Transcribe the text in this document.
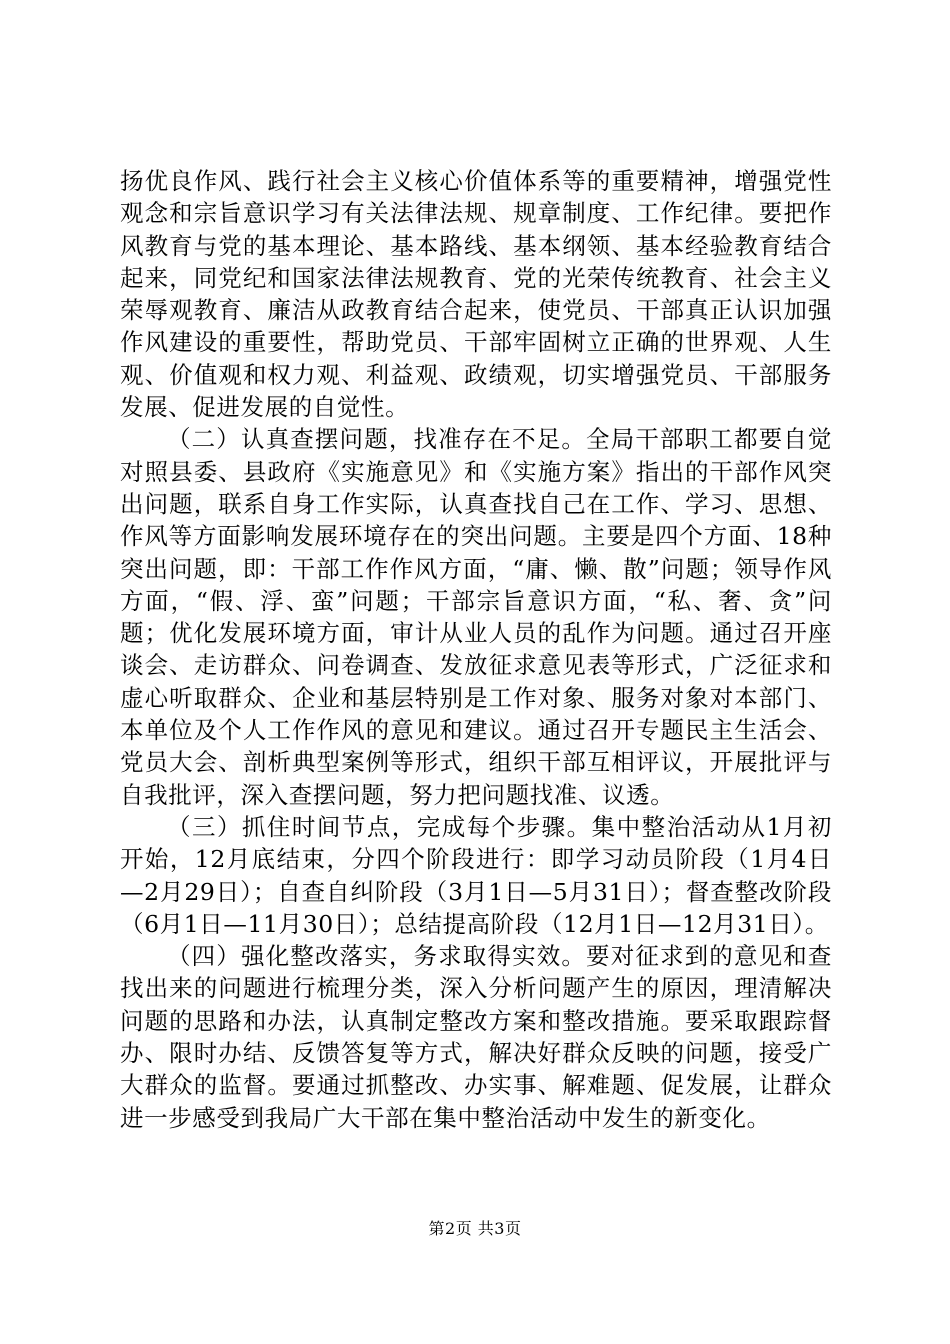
扬优良作风、践行社会主义核心价值体系等的重要精神，增强党性观念和宗旨意识学习有关法律法规、规章制度、工作纪律。要把作风教育与党的基本理论、基本路线、基本纲领、基本经验教育结合起来，同党纪和国家法律法规教育、党的光荣传统教育、社会主义荣辱观教育、廉洁从政教育结合起来，使党员、干部真正认识加强作风建设的重要性，帮助党员、干部牢固树立正确的世界观、人生观、价值观和权力观、利益观、政绩观，切实增强党员、干部服务发展、促进发展的自觉性。

（二）认真查摆问题，找准存在不足。全局干部职工都要自觉对照县委、县政府《实施意见》和《实施方案》指出的干部作风突出问题，联系自身工作实际，认真查找自己在工作、学习、思想、作风等方面影响发展环境存在的突出问题。主要是四个方面、18种突出问题，即：干部工作作风方面，“庸、懒、散”问题；领导作风方面，“假、浮、蛮”问题；干部宗旨意识方面，“私、奢、贪”问题；优化发展环境方面，审计从业人员的乱作为问题。通过召开座谈会、走访群众、问卷调查、发放征求意见表等形式，广泛征求和虚心听取群众、企业和基层特别是工作对象、服务对象对本部门、本单位及个人工作作风的意见和建议。通过召开专题民主生活会、党员大会、剖析典型案例等形式，组织干部互相评议，开展批评与自我批评，深入查摆问题，努力把问题找准、议透。

（三）抓住时间节点，完成每个步骤。集中整治活动从1月初开始，12月底结束，分四个阶段进行：即学习动员阶段（1月4日—2月29日）；自查自纠阶段（3月1日—5月31日）；督查整改阶段（6月1日—11月30日）；总结提高阶段（12月1日—12月31日）。

（四）强化整改落实，务求取得实效。要对征求到的意见和查找出来的问题进行梳理分类，深入分析问题产生的原因，理清解决问题的思路和办法，认真制定整改方案和整改措施。要采取跟踪督办、限时办结、反馈答复等方式，解决好群众反映的问题，接受广大群众的监督。要通过抓整改、办实事、解难题、促发展，让群众进一步感受到我局广大干部在集中整治活动中发生的新变化。

第2页 共3页
